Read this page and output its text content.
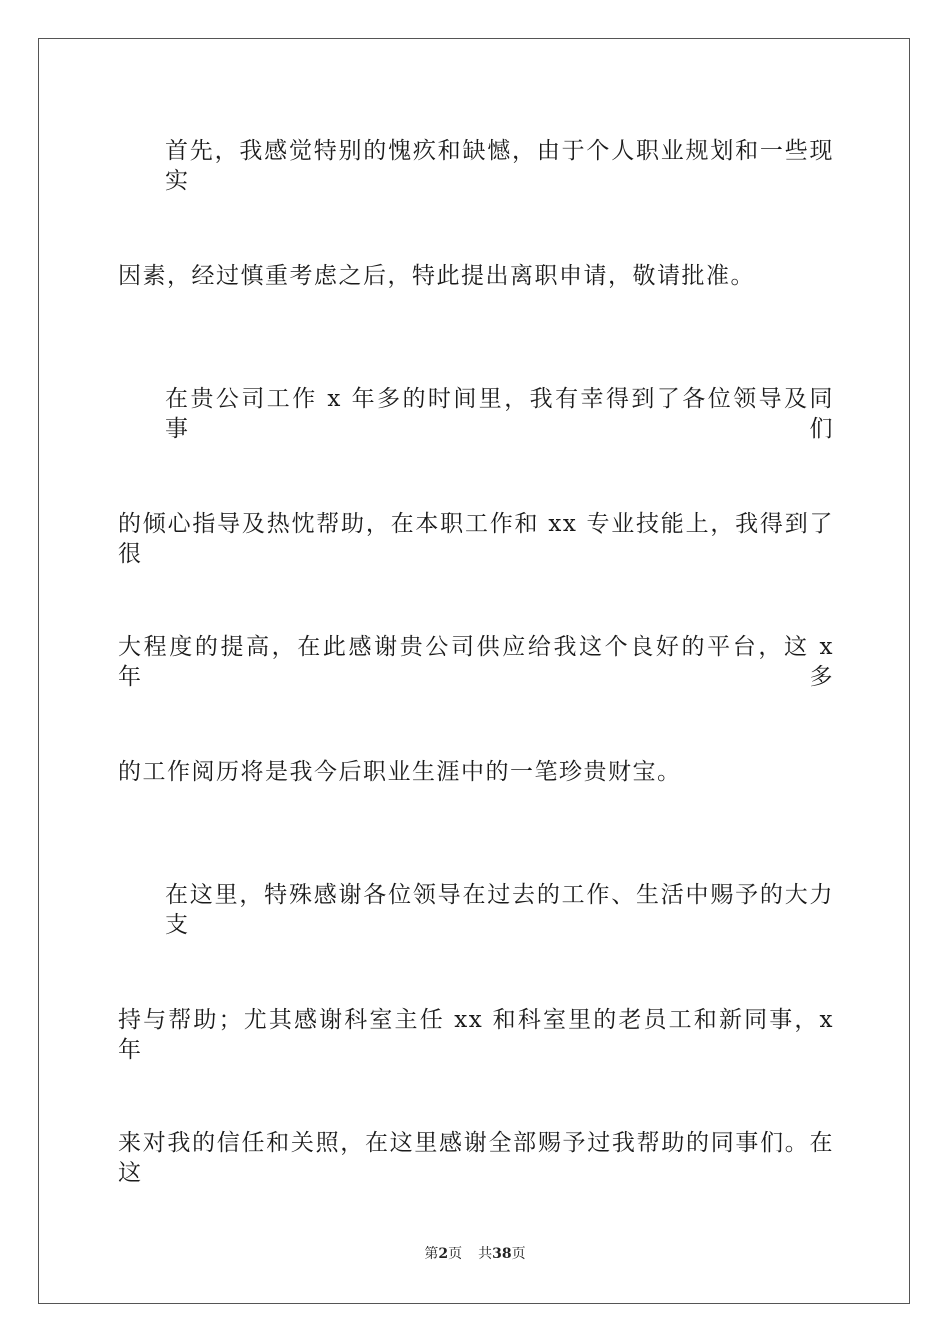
首先，我感觉特别的愧疚和缺憾，由于个人职业规划和一些现实
因素，经过慎重考虑之后，特此提出离职申请，敬请批准。
在贵公司工作 x 年多的时间里，我有幸得到了各位领导及同事们
的倾心指导及热忱帮助，在本职工作和 xx 专业技能上，我得到了很
大程度的提高，在此感谢贵公司供应给我这个良好的平台，这 x 年多
的工作阅历将是我今后职业生涯中的一笔珍贵财宝。
在这里，特殊感谢各位领导在过去的工作、生活中赐予的大力支
持与帮助；尤其感谢科室主任 xx 和科室里的老员工和新同事，x 年
来对我的信任和关照，在这里感谢全部赐予过我帮助的同事们。在这
第2页 共38页
